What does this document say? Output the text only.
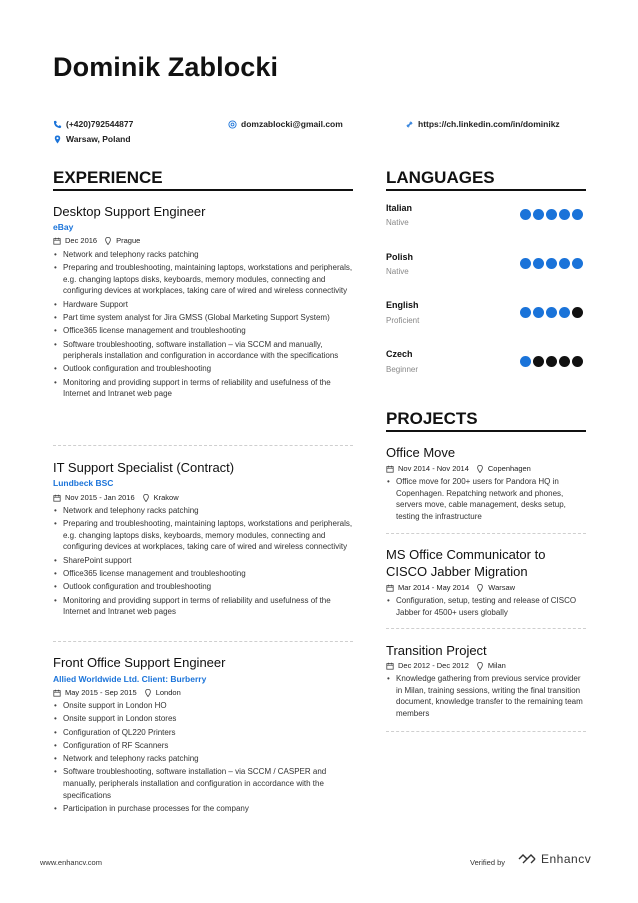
Dominik Zablocki
(+420)792544877	domzablocki@gmail.com	https://ch.linkedin.com/in/dominikz
Warsaw, Poland
EXPERIENCE
Desktop Support Engineer
eBay
Dec 2016	Prague
• Network and telephony racks patching
• Preparing and troubleshooting, maintaining laptops, workstations and peripherals, e.g. changing laptops disks, keyboards, memory modules, connecting and configuring devices at workplaces, taking care of wired and wireless connectivity
• Hardware Support
• Part time system analyst for Jira GMSS (Global Marketing Support System)
• Office365 license management and troubleshooting
• Software troubleshooting, software installation – via SCCM and manually, peripherals installation and configuration in accordance with the specifications
• Outlook configuration and troubleshooting
• Monitoring and providing support in terms of reliability and usefulness of the Internet and Intranet web page
IT Support Specialist (Contract)
Lundbeck BSC
Nov 2015 - Jan 2016	Krakow
• Network and telephony racks patching
• Preparing and troubleshooting, maintaining laptops, workstations and peripherals, e.g. changing laptops disks, keyboards, memory modules, connecting and configuring devices at workplaces, taking care of wired and wireless connectivity
• SharePoint support
• Office365 license management and troubleshooting
• Outlook configuration and troubleshooting
• Monitoring and providing support in terms of reliability and usefulness of the Internet and Intranet web pages
Front Office Support Engineer
Allied Worldwide Ltd. Client: Burberry
May 2015 - Sep 2015	London
• Onsite support in London HO
• Onsite support in London stores
• Configuration of QL220 Printers
• Configuration of RF Scanners
• Network and telephony racks patching
• Software troubleshooting, software installation – via SCCM / CASPER and manually, peripherals installation and configuration in accordance with the specifications
• Participation in purchase processes for the company
LANGUAGES
Italian
Native
Polish
Native
English
Proficient
Czech
Beginner
PROJECTS
Office Move
Nov 2014 - Nov 2014	Copenhagen
• Office move for 200+ users for Pandora HQ in Copenhagen. Repatching network and phones, servers move, cable management, desks setup, testing the infrastructure
MS Office Communicator to CISCO Jabber Migration
Mar 2014 - May 2014	Warsaw
• Configuration, setup, testing and release of CISCO Jabber for 4500+ users globally
Transition Project
Dec 2012 - Dec 2012	Milan
• Knowledge gathering from previous service provider in Milan, training sessions, writing the final transition document, knowledge transfer to the remaining team members
www.enhancv.com	Verified by	Enhancv
